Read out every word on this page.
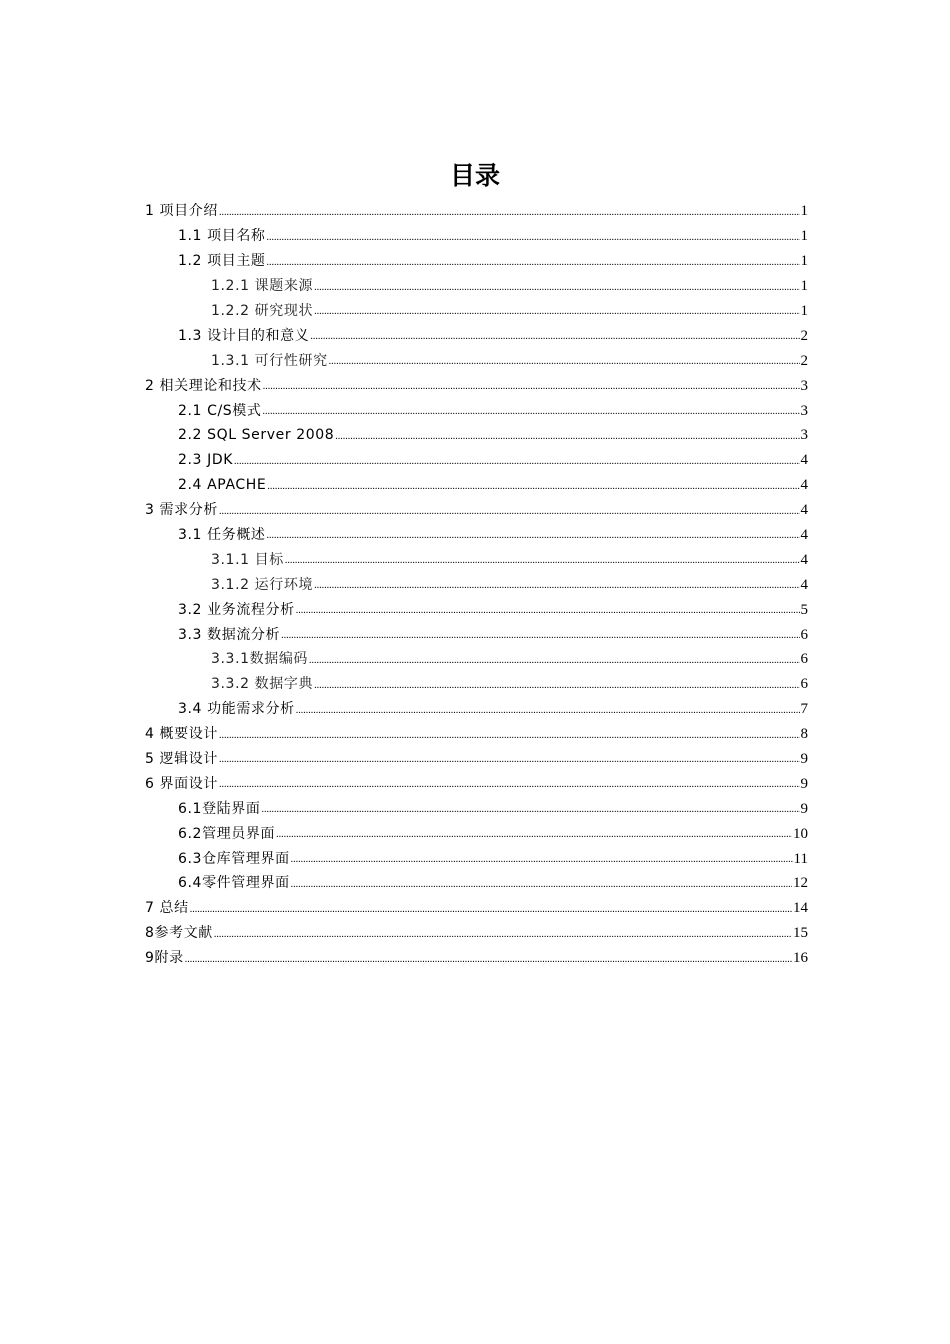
目录
1 项目介绍 .....	1
1.1 项目名称 .....	1
1.2 项目主题 .....	1
1.2.1 课题来源 .....	1
1.2.2 研究现状 .....	1
1.3 设计目的和意义 .....	2
1.3.1 可行性研究 .....	2
2 相关理论和技术 .....	3
2.1 C/S模式 .....	3
2.2 SQL Server 2008 .....	3
2.3 JDK .....	4
2.4 APACHE .....	4
3 需求分析 .....	4
3.1 任务概述 .....	4
3.1.1 目标 .....	4
3.1.2 运行环境 .....	4
3.2 业务流程分析 .....	5
3.3 数据流分析 .....	6
3.3.1数据编码 .....	6
3.3.2 数据字典 .....	6
3.4 功能需求分析 .....	7
4 概要设计 .....	8
5 逻辑设计 .....	9
6 界面设计 .....	9
6.1登陆界面 .....	9
6.2管理员界面 .....	10
6.3仓库管理界面 .....	11
6.4零件管理界面 .....	12
7 总结 .....	14
8参考文献 .....	15
9附录 .....	16
